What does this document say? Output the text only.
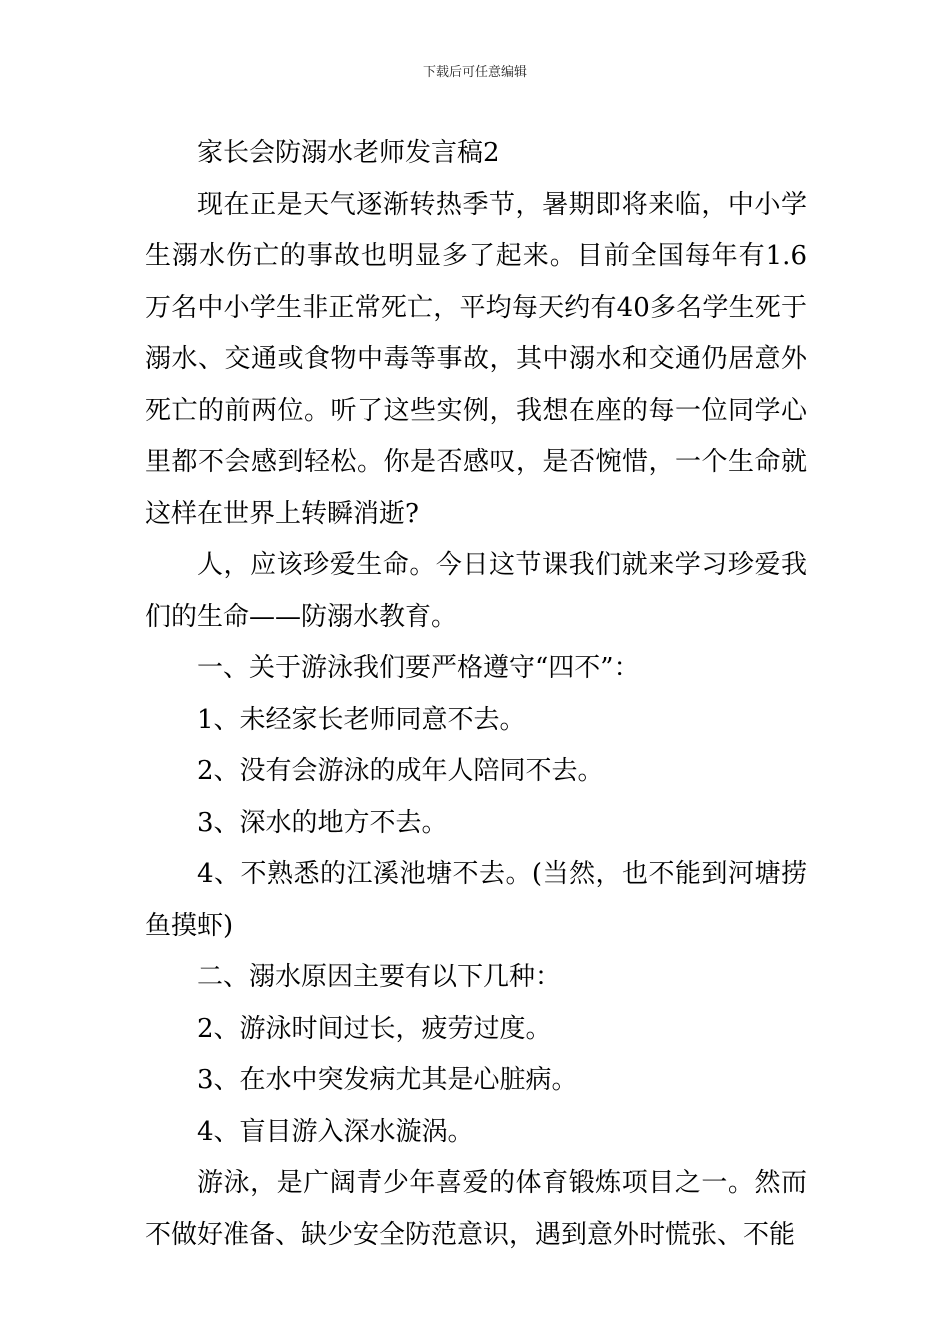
下载后可任意编辑

家长会防溺水老师发言稿2

现在正是天气逐渐转热季节，暑期即将来临，中小学生溺水伤亡的事故也明显多了起来。目前全国每年有1.6万名中小学生非正常死亡，平均每天约有40多名学生死于溺水、交通或食物中毒等事故，其中溺水和交通仍居意外死亡的前两位。听了这些实例，我想在座的每一位同学心里都不会感到轻松。你是否感叹，是否惋惜，一个生命就这样在世界上转瞬消逝?

人，应该珍爱生命。今日这节课我们就来学习珍爱我们的生命——防溺水教育。

一、关于游泳我们要严格遵守“四不”：

1、未经家长老师同意不去。

2、没有会游泳的成年人陪同不去。

3、深水的地方不去。

4、不熟悉的江溪池塘不去。(当然，也不能到河塘捞鱼摸虾)

二、溺水原因主要有以下几种：

2、游泳时间过长，疲劳过度。

3、在水中突发病尤其是心脏病。

4、盲目游入深水漩涡。

游泳，是广阔青少年喜爱的体育锻炼项目之一。然而不做好准备、缺少安全防范意识，遇到意外时慌张、不能
